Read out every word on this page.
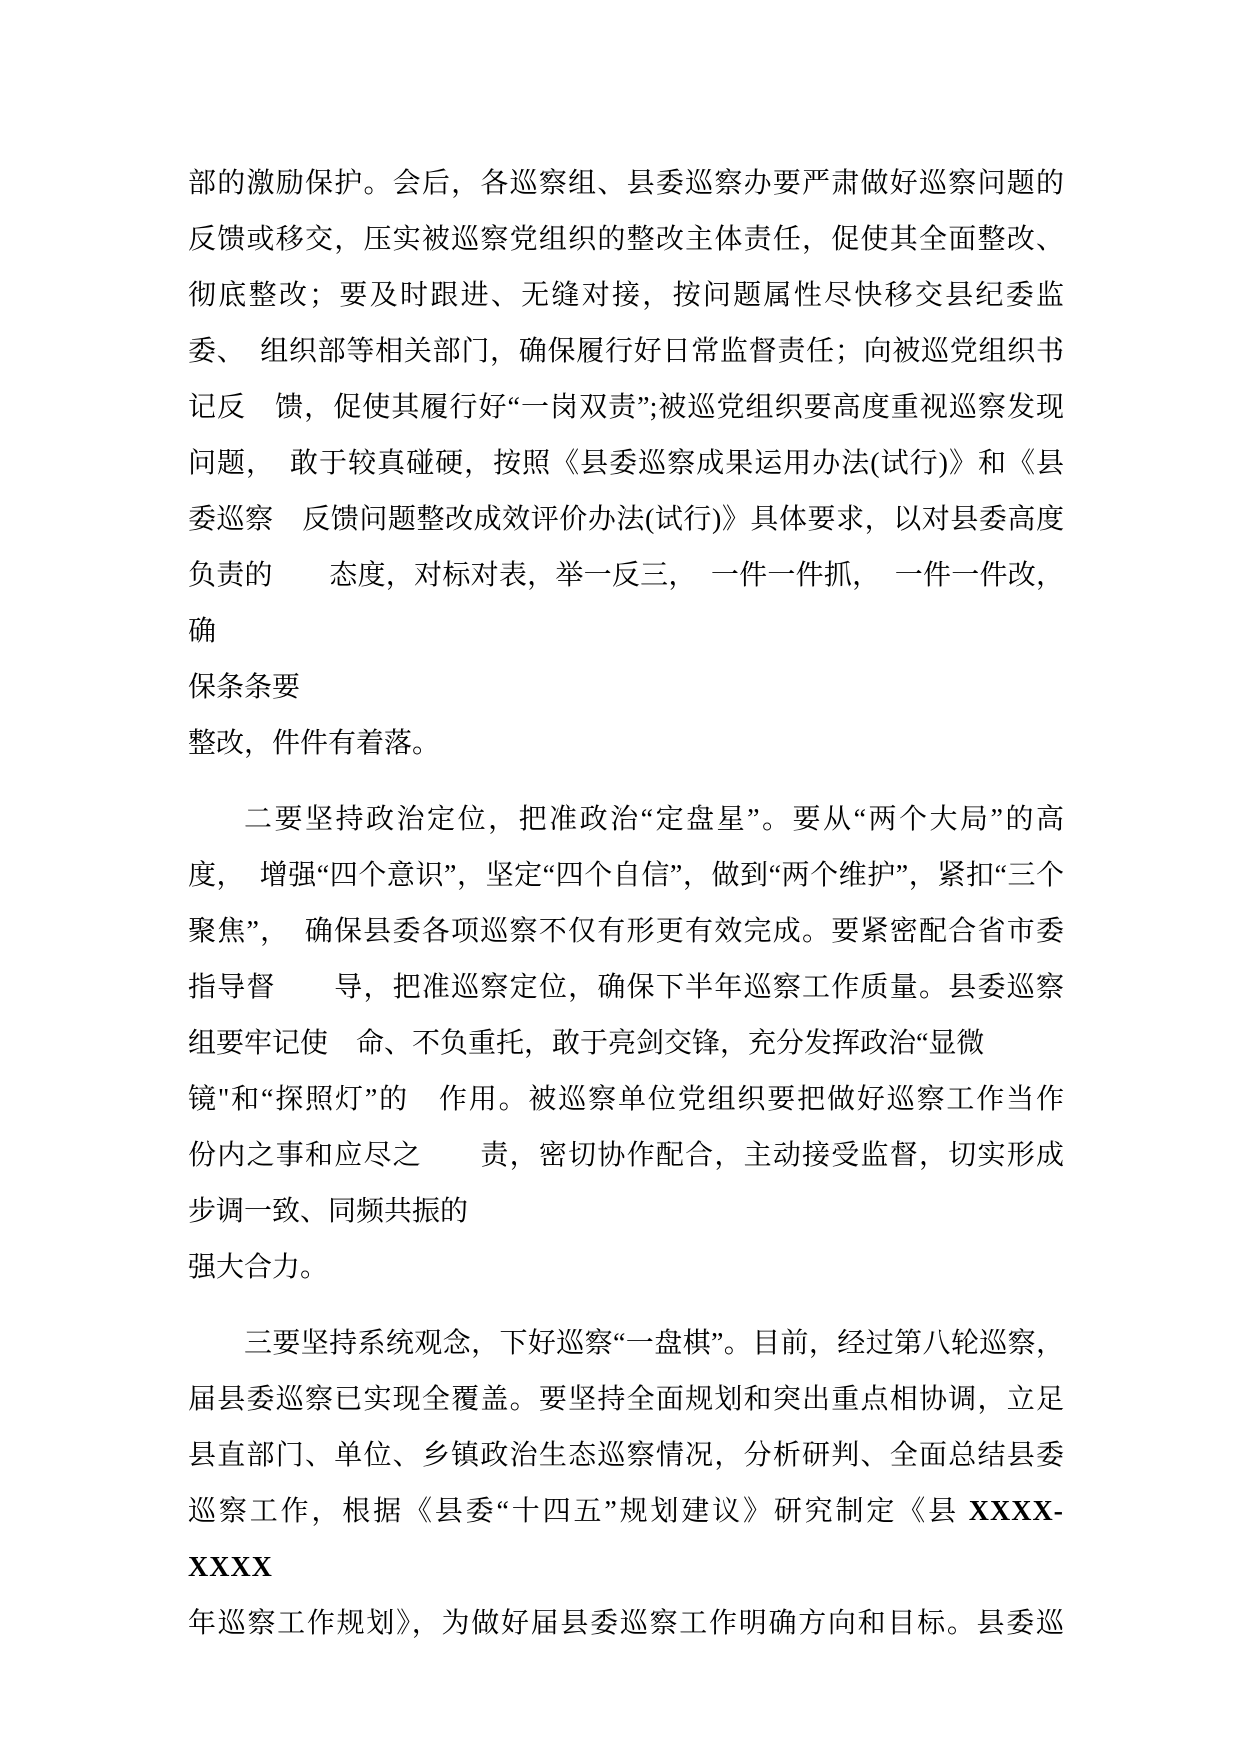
部的激励保护。会后，各巡察组、县委巡察办要严肃做好巡察问题的
反馈或移交，压实被巡察党组织的整改主体责任，促使其全面整改、
彻底整改；要及时跟进、无缝对接，按问题属性尽快移交县纪委监
委、　组织部等相关部门，确保履行好日常监督责任；向被巡党组织书
记反　馈，促使其履行好“一岗双责”;被巡党组织要高度重视巡察发现
问题，　敢于较真碰硬，按照《县委巡察成果运用办法(试行)》和《县
委巡察　反馈问题整改成效评价办法(试行)》具体要求，以对县委高度
负责的　　态度，对标对表，举一反三，　一件一件抓，　一件一件改，确
保条条要
整改，件件有着落。
二要坚持政治定位，把准政治“定盘星”。要从“两个大局”的高
度，　增强“四个意识”，坚定“四个自信”，做到“两个维护”，紧扣“三个
聚焦”，　确保县委各项巡察不仅有形更有效完成。要紧密配合省市委
指导督　　导，把准巡察定位，确保下半年巡察工作质量。县委巡察
组要牢记使　命、不负重托，敢于亮剑交锋，充分发挥政治“显微
镜"和“探照灯”的　作用。被巡察单位党组织要把做好巡察工作当作
份内之事和应尽之　　责，密切协作配合，主动接受监督，切实形成
步调一致、同频共振的
强大合力。
三要坚持系统观念，下好巡察“一盘棋”。目前，经过第八轮巡察，
届县委巡察已实现全覆盖。要坚持全面规划和突出重点相协调，立足
县直部门、单位、乡镇政治生态巡察情况，分析研判、全面总结县委
巡察工作，根据《县委“十四五”规划建议》研究制定《县 XXXX-XXXX
年巡察工作规划》，为做好届县委巡察工作明确方向和目标。县委巡
